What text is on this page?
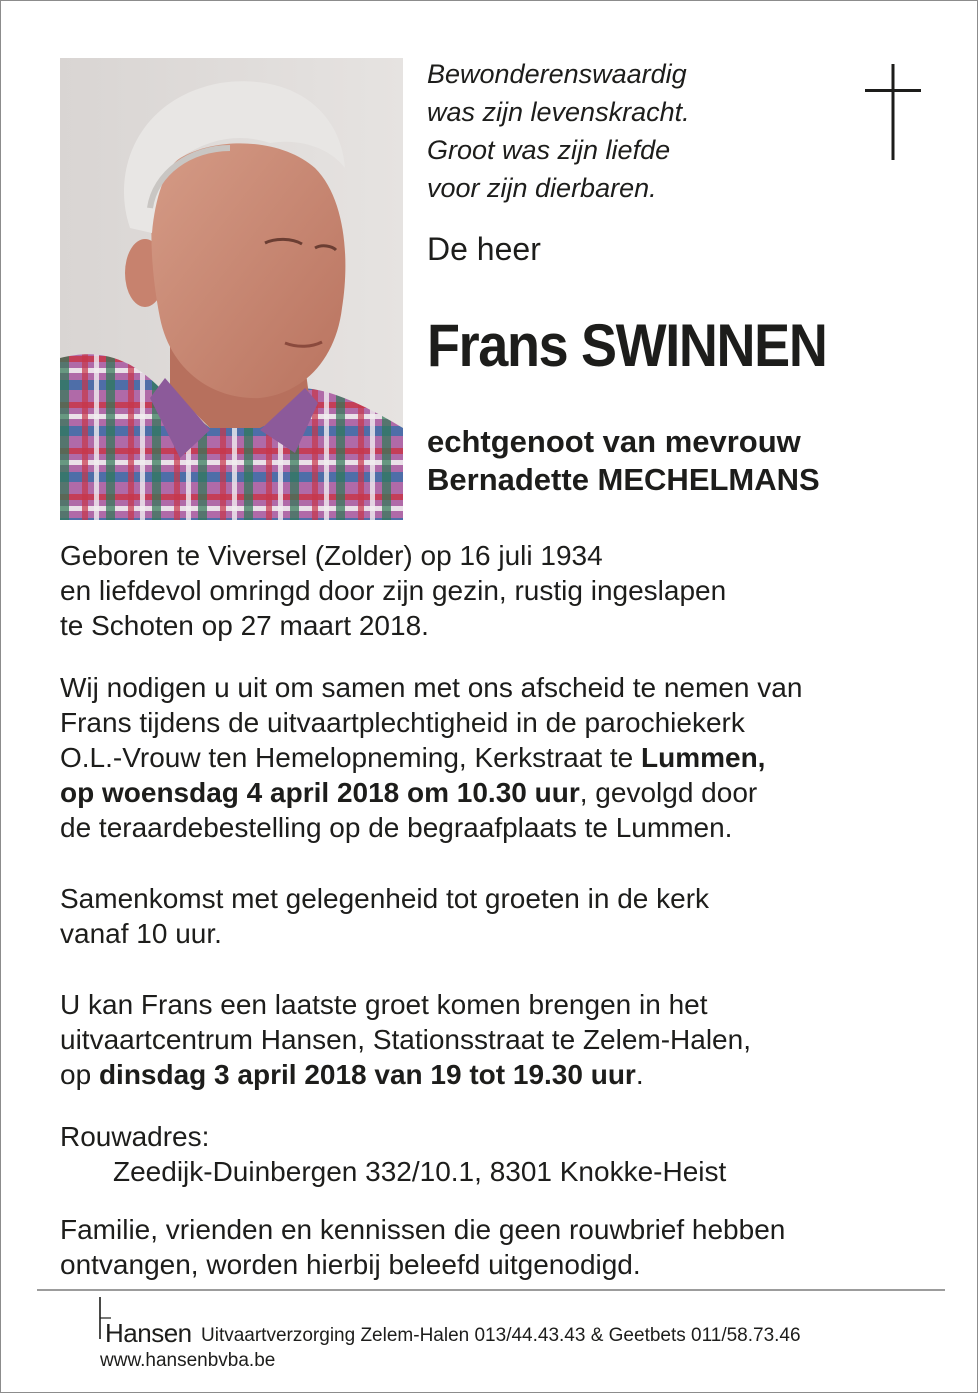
Bewonderenswaardig
was zijn levenskracht.
Groot was zijn liefde
voor zijn dierbaren.
De heer
Frans SWINNEN
echtgenoot van mevrouw
Bernadette MECHELMANS
Geboren te Viversel (Zolder) op 16 juli 1934
en liefdevol omringd door zijn gezin, rustig ingeslapen
te Schoten op 27 maart 2018.
Wij nodigen u uit om samen met ons afscheid te nemen van
Frans tijdens de uitvaartplechtigheid in de parochiekerk
O.L.-Vrouw ten Hemelopneming, Kerkstraat te Lummen,
op woensdag 4 april 2018 om 10.30 uur, gevolgd door
de teraardebestelling op de begraafplaats te Lummen.
Samenkomst met gelegenheid tot groeten in de kerk
vanaf 10 uur.
U kan Frans een laatste groet komen brengen in het
uitvaartcentrum Hansen, Stationsstraat te Zelem-Halen,
op dinsdag 3 april 2018 van 19 tot 19.30 uur.
Rouwadres:
Zeedijk-Duinbergen 332/10.1, 8301 Knokke-Heist
Familie, vrienden en kennissen die geen rouwbrief hebben
ontvangen, worden hierbij beleefd uitgenodigd.
Hansen Uitvaartverzorging Zelem-Halen 013/44.43.43 & Geetbets 011/58.73.46
www.hansenbvba.be
